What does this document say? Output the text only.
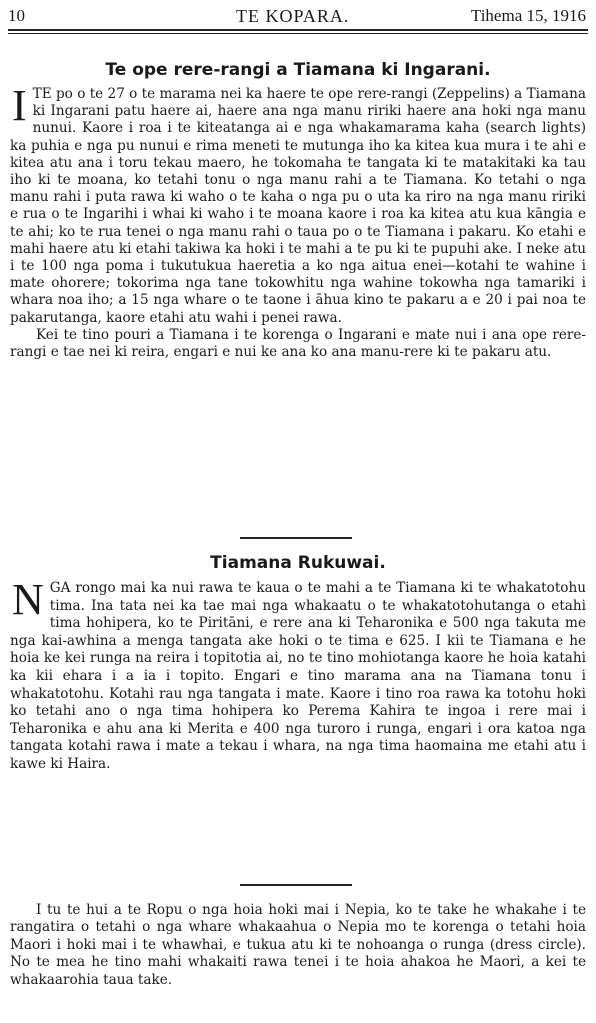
10	TE KOPARA.	Tihema 15, 1916
Te ope rere-rangi a Tiamana ki Ingarani.

I TE po o te 27 o te marama nei ka haere te ope rere-rangi (Zeppelins) a Tiamana ki Ingarani patu haere ai, haere ana nga manu ririki haere ana hoki nga manu nunui. Kaore i roa i te kiteatanga ai e nga whakamarama kaha (search lights) ka puhia e nga pu nunui e rima meneti te mutunga iho ka kitea kua mura i te ahi e kitea atu ana i toru tekau maero, he tokomaha te tangata ki te matakitaki ka tau iho ki te moana, ko tetahi tonu o nga manu rahi a te Tiamana. Ko tetahi o nga manu rahi i puta rawa ki waho o te kaha o nga pu o uta ka riro na nga manu ririki e rua o te Ingarihi i whai ki waho i te moana kaore i roa ka kitea atu kua kāngia e te ahi; ko te rua tenei o nga manu rahi o taua po o te Tiamana i pakaru. Ko etahi e mahi haere atu ki etahi takiwa ka hoki i te mahi a te pu ki te pupuhi ake. I neke atu i te 100 nga poma i tukutukua haeretia a ko nga aitua enei—kotahi te wahine i mate ohorere; tokorima nga tane tokowhitu nga wahine tokowha nga tamariki i whara noa iho; a 15 nga whare o te taone i āhua kino te pakaru a e 20 i pai noa te pakarutanga, kaore etahi atu wahi i penei rawa.

Kei te tino pouri a Tiamana i te korenga o Ingarani e mate nui i ana ope rere-rangi e tae nei ki reira, engari e nui ke ana ko ana manu-rere ki te pakaru atu.

Tiamana Rukuwai.

N GA rongo mai ka nui rawa te kaua o te mahi a te Tiamana ki te whakatotohu tima. Ina tata nei ka tae mai nga whakaatu o te whakatotohutanga o etahi tima hohipera, ko te Piritāni, e rere ana ki Teharonika e 500 nga takuta me nga kai-awhina a menga tangata ake hoki o te tima e 625. I kii te Tiamana e he hoia ke kei runga na reira i topitotia ai, no te tino mohiotanga kaore he hoia katahi ka kii ehara i a ia i topito. Engari e tino marama ana na Tiamana tonu i whakatotohu. Kotahi rau nga tangata i mate. Kaore i tino roa rawa ka totohu hoki ko tetahi ano o nga tima hohipera ko Perema Kahira te ingoa i rere mai i Teharonika e ahu ana ki Merita e 400 nga turoro i runga, engari i ora katoa nga tangata kotahi rawa i mate a tekau i whara, na nga tima haomaina me etahi atu i kawe ki Haira.

I tu te hui a te Ropu o nga hoia hoki mai i Nepia, ko te take he whakahe i te rangatira o tetahi o nga whare whakaahua o Nepia mo te korenga o tetahi hoia Maori i hoki mai i te whawhai, e tukua atu ki te nohoanga o runga (dress circle). No te mea he tino mahi whakaiti rawa tenei i te hoia ahakoa he Maori, a kei te whakaarohia taua take.
